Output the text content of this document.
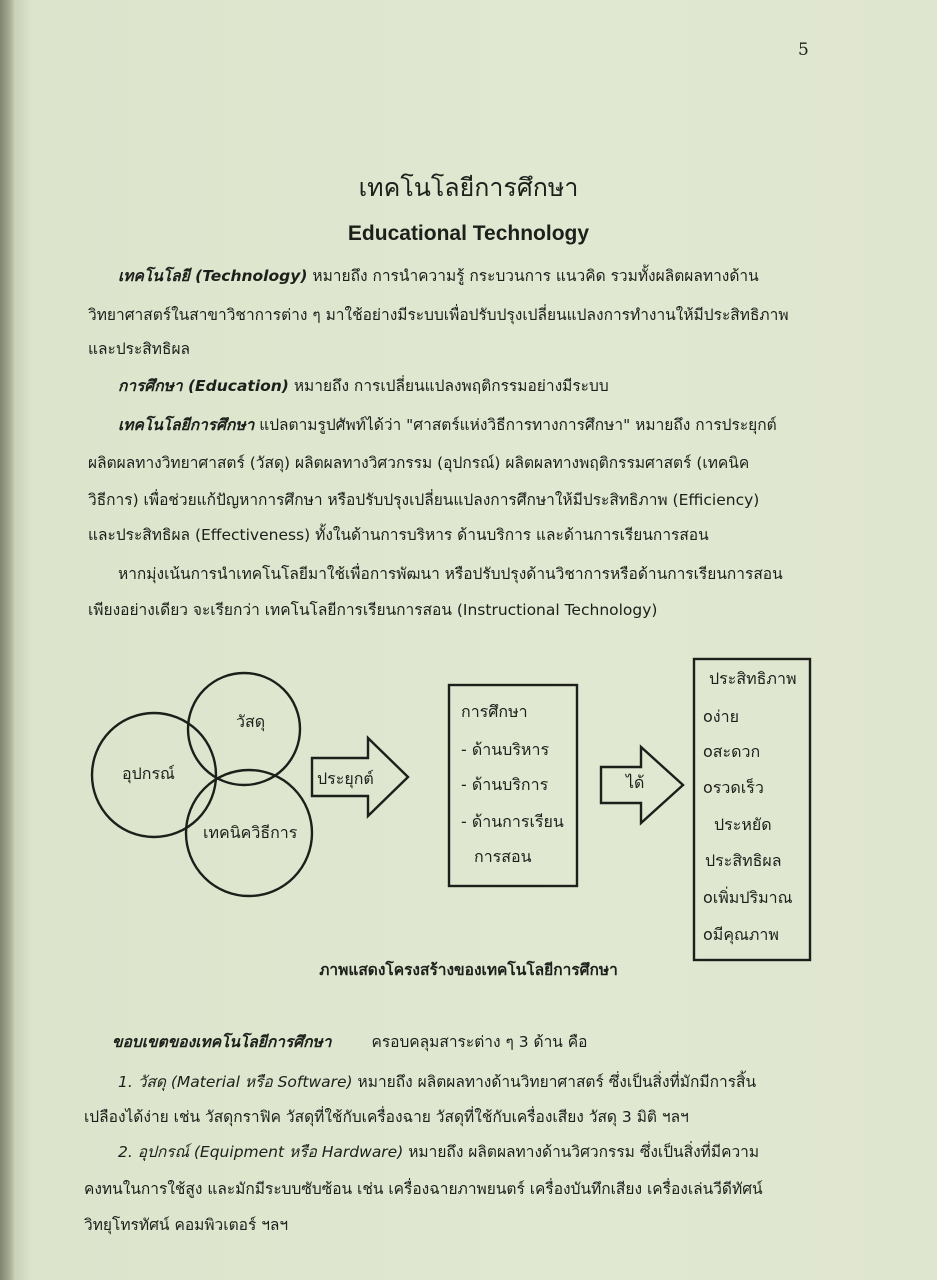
5
เทคโนโลยีการศึกษา
Educational Technology
เทคโนโลยี (Technology) หมายถึง การนำความรู้ กระบวนการ แนวคิด รวมทั้งผลิตผลทางด้าน
วิทยาศาสตร์ในสาขาวิชาการต่าง ๆ มาใช้อย่างมีระบบเพื่อปรับปรุงเปลี่ยนแปลงการทำงานให้มีประสิทธิภาพ
และประสิทธิผล
การศึกษา (Education) หมายถึง การเปลี่ยนแปลงพฤติกรรมอย่างมีระบบ
เทคโนโลยีการศึกษา แปลตามรูปศัพท์ได้ว่า "ศาสตร์แห่งวิธีการทางการศึกษา" หมายถึง การประยุกต์
ผลิตผลทางวิทยาศาสตร์ (วัสดุ) ผลิตผลทางวิศวกรรม (อุปกรณ์) ผลิตผลทางพฤติกรรมศาสตร์ (เทคนิค
วิธีการ) เพื่อช่วยแก้ปัญหาการศึกษา หรือปรับปรุงเปลี่ยนแปลงการศึกษาให้มีประสิทธิภาพ (Efficiency)
และประสิทธิผล (Effectiveness) ทั้งในด้านการบริหาร ด้านบริการ และด้านการเรียนการสอน
หากมุ่งเน้นการนำเทคโนโลยีมาใช้เพื่อการพัฒนา หรือปรับปรุงด้านวิชาการหรือด้านการเรียนการสอน
เพียงอย่างเดียว จะเรียกว่า เทคโนโลยีการเรียนการสอน (Instructional Technology)
วัสดุ
อุปกรณ์
เทคนิควิธีการ
ประยุกต์	ได้
การศึกษา
- ด้านบริหาร
- ด้านบริการ
- ด้านการเรียน
การสอน
ประสิทธิภาพ
oง่าย
oสะดวก
oรวดเร็ว
ประหยัด
ประสิทธิผล
oเพิ่มปริมาณ
oมีคุณภาพ
ภาพแสดงโครงสร้างของเทคโนโลยีการศึกษา
ขอบเขตของเทคโนโลยีการศึกษา	ครอบคลุมสาระต่าง ๆ 3 ด้าน คือ
1. วัสดุ (Material หรือ Software) หมายถึง ผลิตผลทางด้านวิทยาศาสตร์ ซึ่งเป็นสิ่งที่มักมีการสิ้น
เปลืองได้ง่าย เช่น วัสดุกราฟิค วัสดุที่ใช้กับเครื่องฉาย วัสดุที่ใช้กับเครื่องเสียง วัสดุ 3 มิติ ฯลฯ
2. อุปกรณ์ (Equipment หรือ Hardware) หมายถึง ผลิตผลทางด้านวิศวกรรม ซึ่งเป็นสิ่งที่มีความ
คงทนในการใช้สูง และมักมีระบบซับซ้อน เช่น เครื่องฉายภาพยนตร์ เครื่องบันทึกเสียง เครื่องเล่นวีดีทัศน์
วิทยุโทรทัศน์ คอมพิวเตอร์ ฯลฯ
